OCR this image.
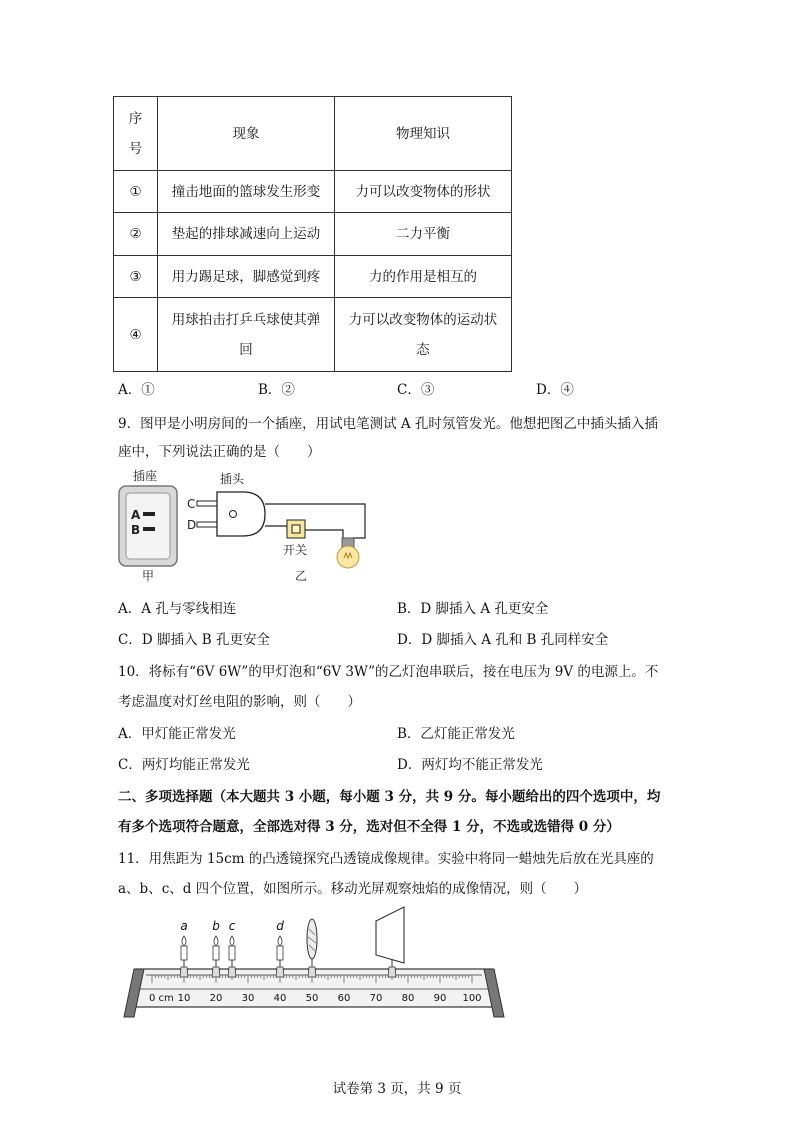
序号	现象	物理知识
①	撞击地面的篮球发生形变	力可以改变物体的形状
②	垫起的排球减速向上运动	二力平衡
③	用力踢足球，脚感觉到疼	力的作用是相互的
④	用球拍击打乒乓球使其弹回	力可以改变物体的运动状态
A．①	B．②	C．③	D．④
9．图甲是小明房间的一个插座，用试电笔测试 A 孔时氖管发光。他想把图乙中插头插入插
座中，下列说法正确的是（　　）
插座
A
B
甲
插头
C
D
开关
乙
A．A 孔与零线相连	B．D 脚插入 A 孔更安全
C．D 脚插入 B 孔更安全	D．D 脚插入 A 孔和 B 孔同样安全
10．将标有“6V 6W”的甲灯泡和“6V 3W”的乙灯泡串联后，接在电压为 9V 的电源上。不
考虑温度对灯丝电阻的影响，则（　　）
A．甲灯能正常发光	B．乙灯能正常发光
C．两灯均能正常发光	D．两灯均不能正常发光
二、多项选择题（本大题共 3 小题，每小题 3 分，共 9 分。每小题给出的四个选项中，均
有多个选项符合题意，全部选对得 3 分，选对但不全得 1 分，不选或选错得 0 分）
11．用焦距为 15cm 的凸透镜探究凸透镜成像规律。实验中将同一蜡烛先后放在光具座的
a、b、c、d 四个位置，如图所示。移动光屏观察烛焰的成像情况，则（　　）
0 cm 10 20 30 40 50 60 70 80 90 100
a b c	d
试卷第 3 页，共 9 页
